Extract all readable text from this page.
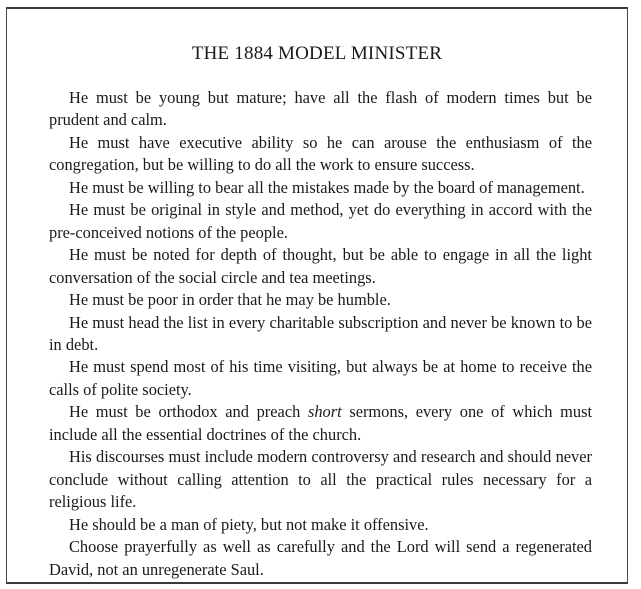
THE 1884 MODEL MINISTER

He must be young but mature; have all the flash of modern times but be prudent and calm.

He must have executive ability so he can arouse the enthusiasm of the congregation, but be willing to do all the work to ensure success.

He must be willing to bear all the mistakes made by the board of management.

He must be original in style and method, yet do everything in accord with the pre-conceived notions of the people.

He must be noted for depth of thought, but be able to engage in all the light conversation of the social circle and tea meetings.

He must be poor in order that he may be humble.

He must head the list in every charitable subscription and never be known to be in debt.

He must spend most of his time visiting, but always be at home to receive the calls of polite society.

He must be orthodox and preach short sermons, every one of which must include all the essential doctrines of the church.

His discourses must include modern controversy and research and should never conclude without calling attention to all the practical rules necessary for a religious life.

He should be a man of piety, but not make it offensive.

Choose prayerfully as well as carefully and the Lord will send a regenerated David, not an unregenerate Saul.
